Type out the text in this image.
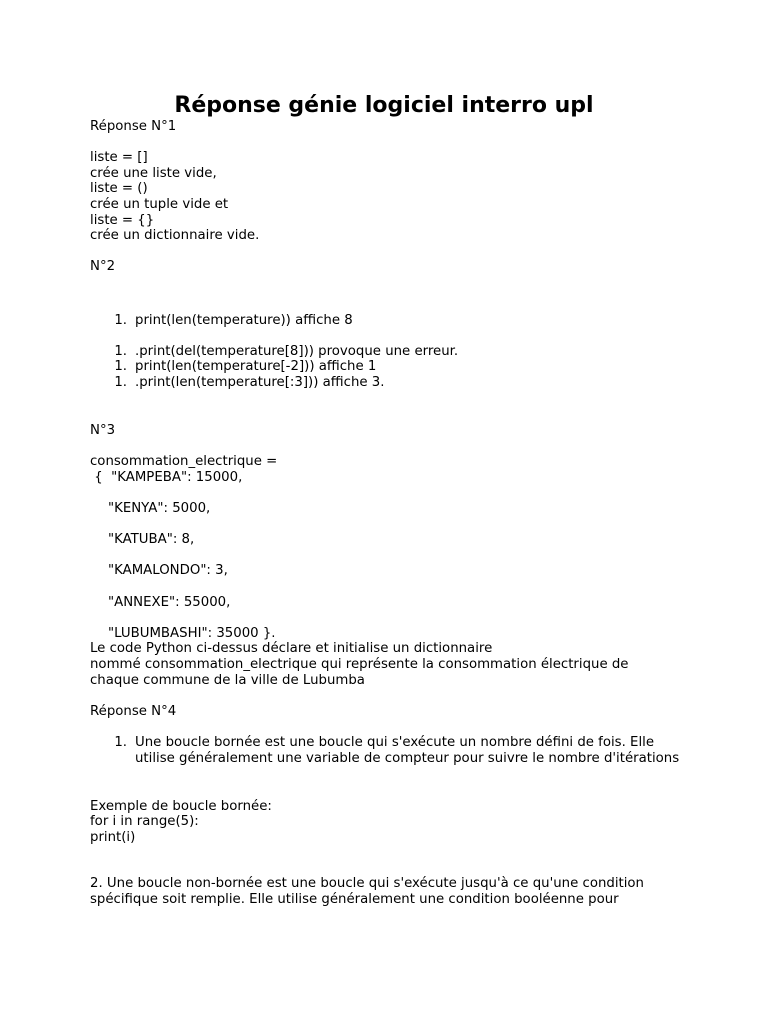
Réponse génie logiciel interro upl
Réponse N°1
liste = []
crée une liste vide,
liste = ()
crée un tuple vide et
liste = {}
crée un dictionnaire vide.
N°2
1. print(len(temperature)) affiche 8
1. .print(del(temperature[8])) provoque une erreur.
1. print(len(temperature[-2])) affiche 1
1. .print(len(temperature[:3])) affiche 3.
N°3
consommation_electrique =
{  "KAMPEBA": 15000,
"KENYA": 5000,
"KATUBA": 8,
"KAMALONDO": 3,
"ANNEXE": 55000,
"LUBUMBASHI": 35000 }.
Le code Python ci-dessus déclare et initialise un dictionnaire
nommé consommation_electrique qui représente la consommation électrique de
chaque commune de la ville de Lubumba
Réponse N°4
1. Une boucle bornée est une boucle qui s'exécute un nombre défini de fois. Elle utilise généralement une variable de compteur pour suivre le nombre d'itérations
Exemple de boucle bornée:
for i in range(5):
print(i)
2. Une boucle non-bornée est une boucle qui s'exécute jusqu'à ce qu'une condition
spécifique soit remplie. Elle utilise généralement une condition booléenne pour
